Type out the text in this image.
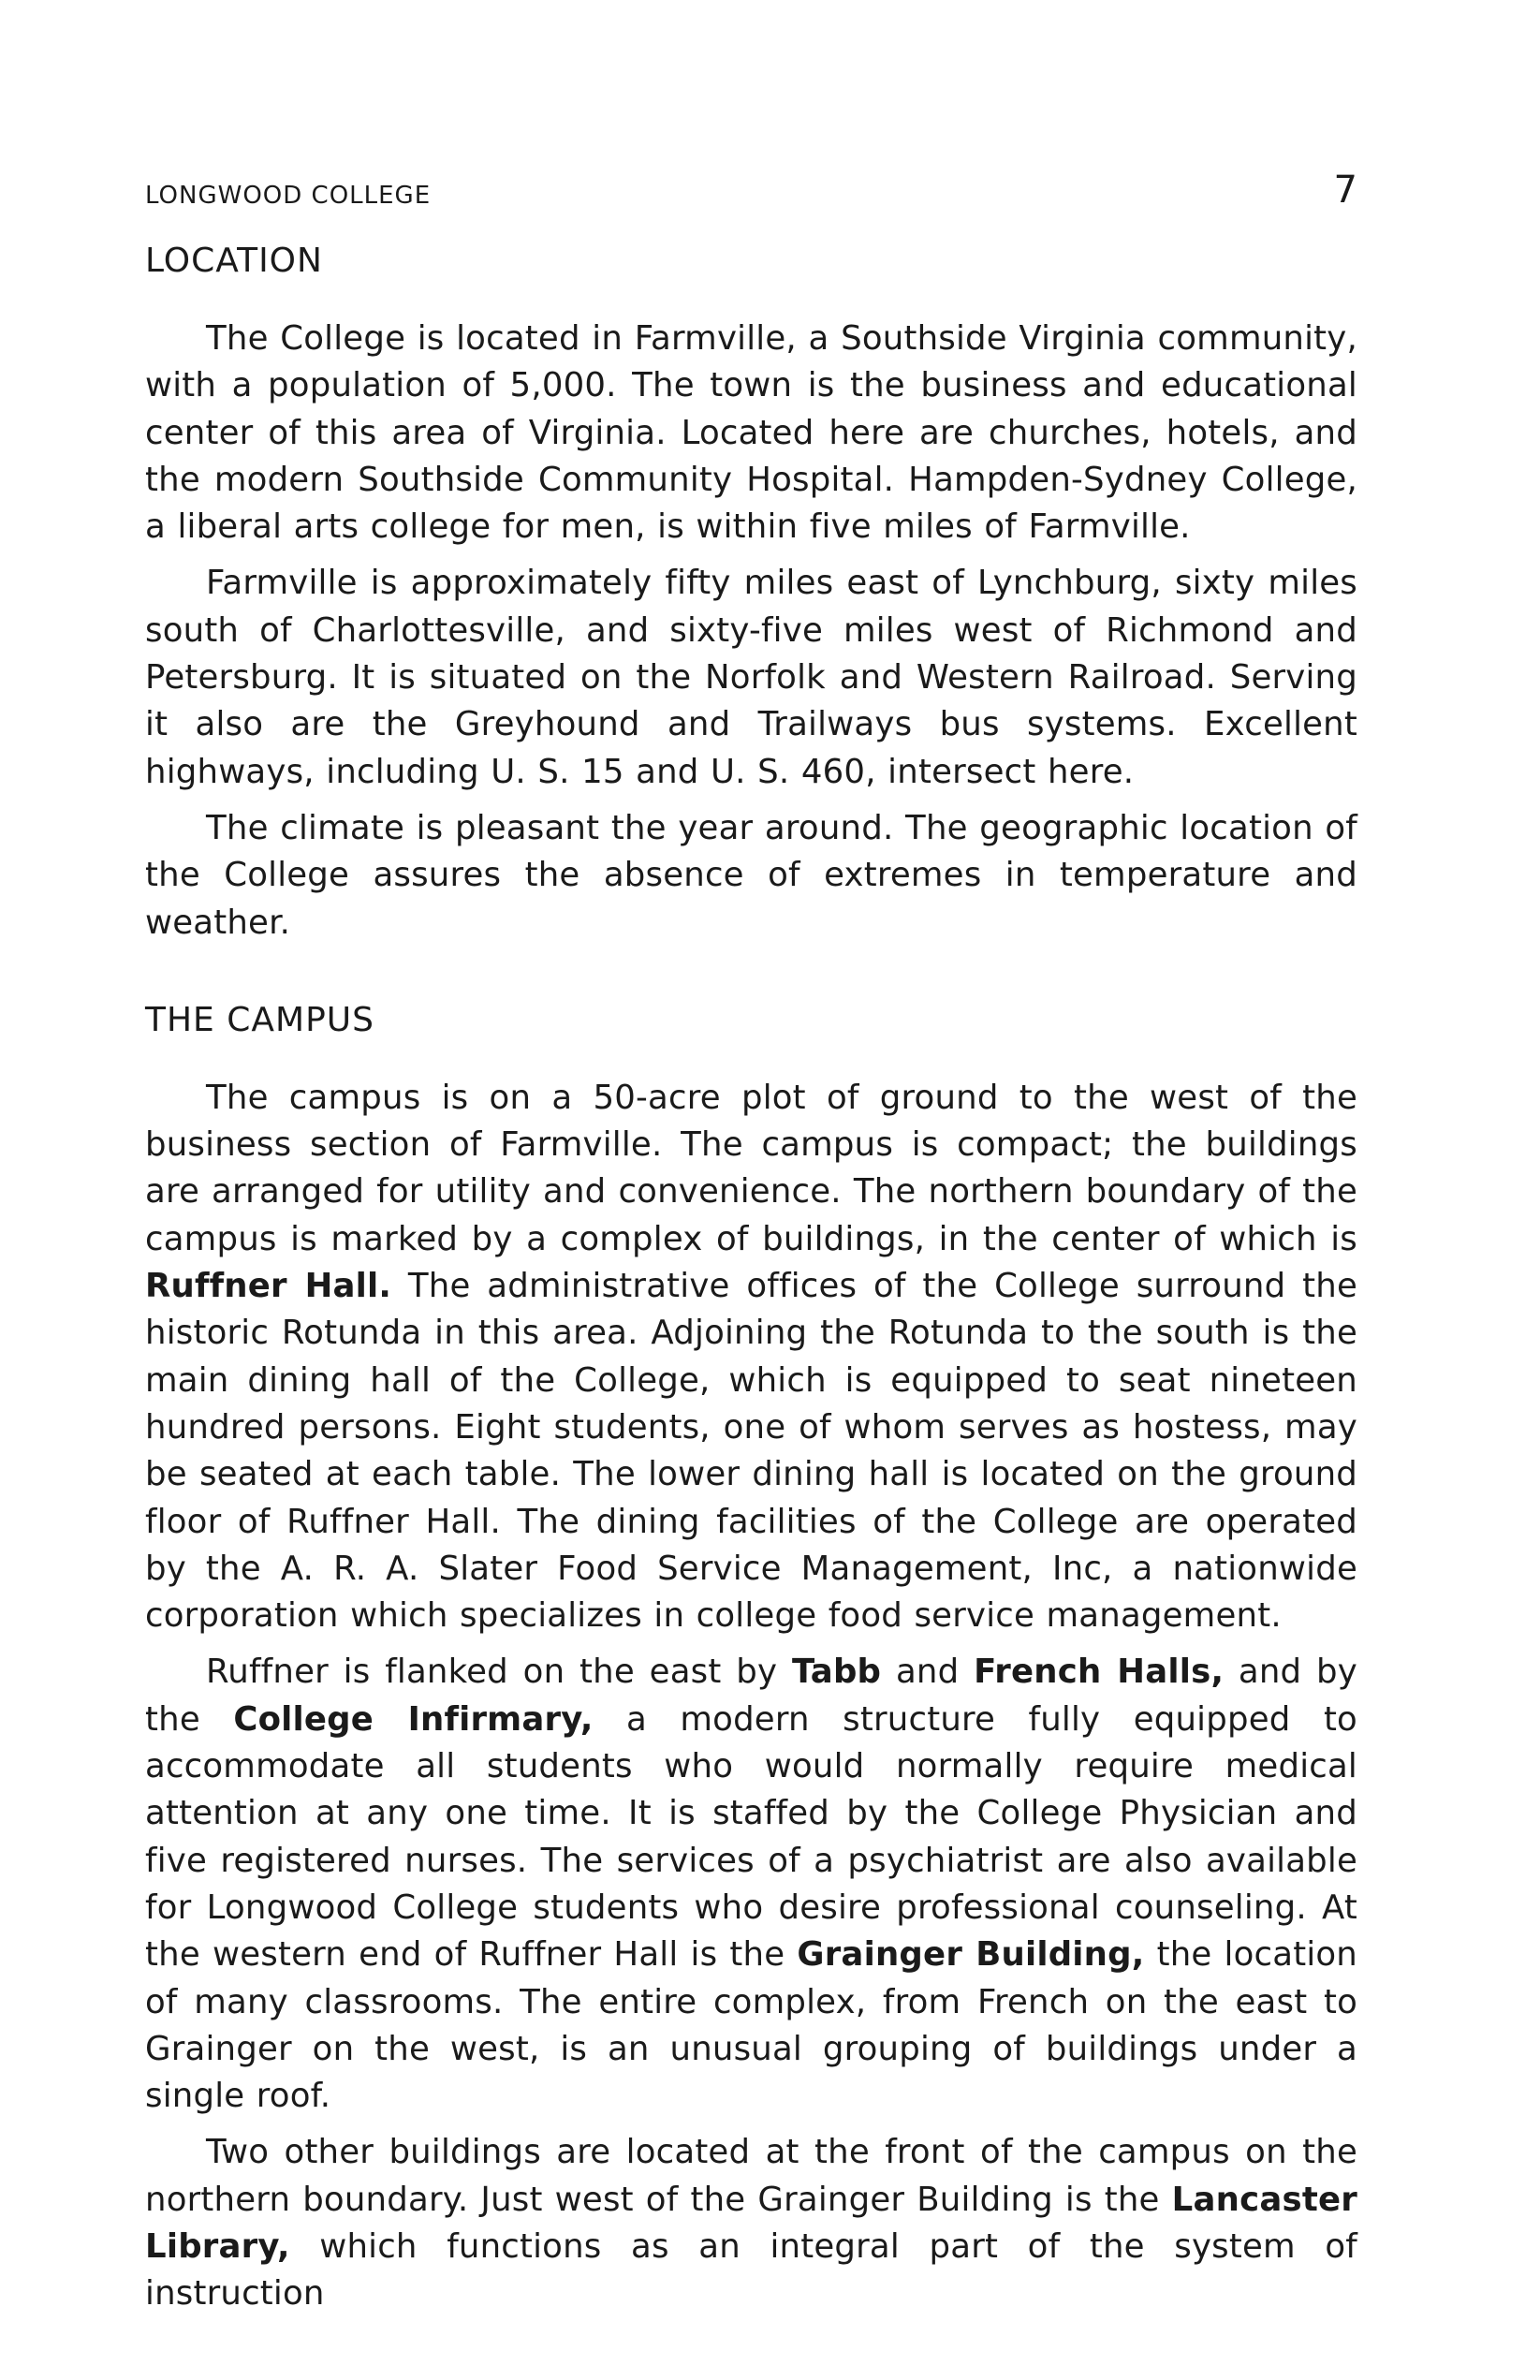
LONGWOOD COLLEGE	7
LOCATION

The College is located in Farmville, a Southside Virginia community, with a population of 5,000. The town is the business and educational center of this area of Virginia. Located here are churches, hotels, and the modern Southside Community Hospital. Hampden-Sydney College, a liberal arts college for men, is within five miles of Farmville.

Farmville is approximately fifty miles east of Lynchburg, sixty miles south of Charlottesville, and sixty-five miles west of Richmond and Petersburg. It is situated on the Norfolk and Western Railroad. Serving it also are the Greyhound and Trailways bus systems. Excellent highways, including U. S. 15 and U. S. 460, intersect here.

The climate is pleasant the year around. The geographic location of the College assures the absence of extremes in temperature and weather.

THE CAMPUS

The campus is on a 50-acre plot of ground to the west of the business section of Farmville. The campus is compact; the buildings are arranged for utility and convenience. The northern boundary of the campus is marked by a complex of buildings, in the center of which is Ruffner Hall. The administrative offices of the College surround the historic Rotunda in this area. Adjoining the Rotunda to the south is the main dining hall of the College, which is equipped to seat nineteen hundred persons. Eight students, one of whom serves as hostess, may be seated at each table. The lower dining hall is located on the ground floor of Ruffner Hall. The dining facilities of the College are operated by the A. R. A. Slater Food Service Management, Inc, a nationwide corporation which specializes in college food service management.

Ruffner is flanked on the east by Tabb and French Halls, and by the College Infirmary, a modern structure fully equipped to accommodate all students who would normally require medical attention at any one time. It is staffed by the College Physician and five registered nurses. The services of a psychiatrist are also available for Longwood College students who desire professional counseling. At the western end of Ruffner Hall is the Grainger Building, the location of many classrooms. The entire complex, from French on the east to Grainger on the west, is an unusual grouping of buildings under a single roof.

Two other buildings are located at the front of the campus on the northern boundary. Just west of the Grainger Building is the Lancaster Library, which functions as an integral part of the system of instruction
